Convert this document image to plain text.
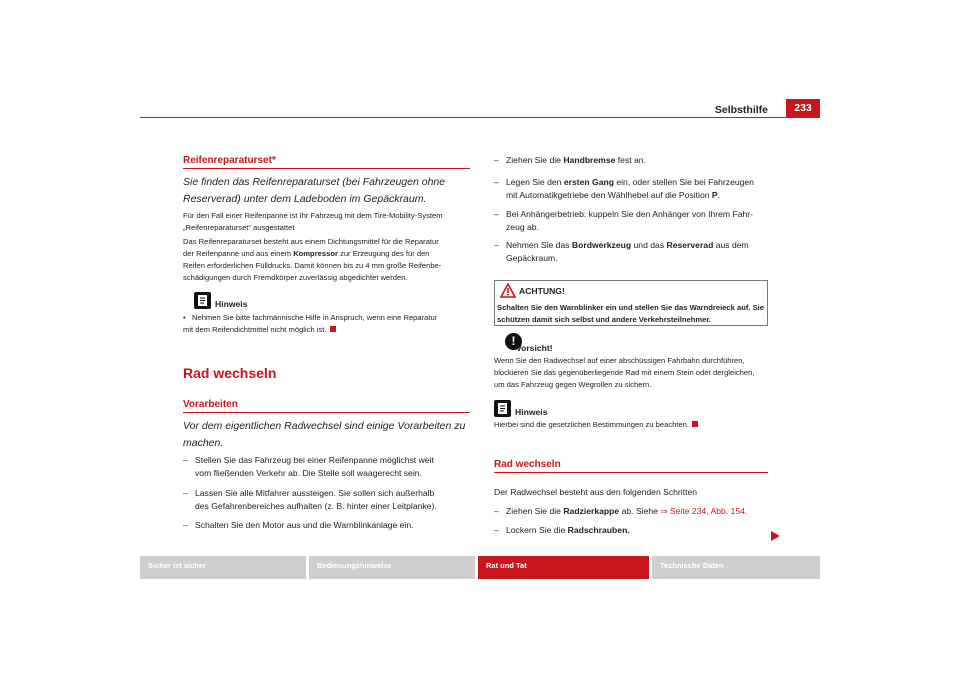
Selbsthilfe	233
Reifenreparaturset*
Sie finden das Reifenreparaturset (bei Fahrzeugen ohne
Reserverad) unter dem Ladeboden im Gepäckraum.
Für den Fall einer Reifenpanne ist Ihr Fahrzeug mit dem Tire-Mobility-System
„Reifenreparaturset“ ausgestattet
Das Reifenreparaturset besteht aus einem Dichtungsmittel für die Reparatur
der Reifenpanne und aus einem Kompressor zur Erzeugung des für den
Reifen erforderlichen Fülldrucks. Damit können bis zu 4 mm große Reifenbe-
schädigungen durch Fremdkörper zuverlässig abgedichtet werden.
Hinweis
• Nehmen Sie bitte fachmännische Hilfe in Anspruch, wenn eine Reparatur
mit dem Reifendichtmittel nicht möglich ist.
Rad wechseln
Vorarbeiten
Vor dem eigentlichen Radwechsel sind einige Vorarbeiten zu
machen.
– Stellen Sie das Fahrzeug bei einer Reifenpanne möglichst weit
vom fließenden Verkehr ab. Die Stelle soll waagerecht sein.
– Lassen Sie alle Mitfahrer aussteigen. Sie sollen sich außerhalb
des Gefahrenbereiches aufhalten (z. B. hinter einer Leitplanke).
– Schalten Sie den Motor aus und die Warnblinkanlage ein.
– Ziehen Sie die Handbremse fest an.
– Legen Sie den ersten Gang ein, oder stellen Sie bei Fahrzeugen
mit Automatikgetriebe den Wählhebel auf die Position P.
– Bei Anhängerbetrieb: kuppeln Sie den Anhänger von Ihrem Fahr-
zeug ab.
– Nehmen Sie das Bordwerkzeug und das Reserverad aus dem
Gepäckraum.
ACHTUNG!
Schalten Sie den Warnblinker ein und stellen Sie das Warndreieck auf. Sie
schützen damit sich selbst und andere Verkehrsteilnehmer.
! Vorsicht!
Wenn Sie den Radwechsel auf einer abschüssigen Fahrbahn durchführen,
blockieren Sie das gegenüberliegende Rad mit einem Stein oder dergleichen,
um das Fahrzeug gegen Wegrollen zu sichern.
Hinweis
Hierbei sind die gesetzlichen Bestimmungen zu beachten.
Rad wechseln
Der Radwechsel besteht aus den folgenden Schritten
– Ziehen Sie die Radzierkappe ab. Siehe ⇒ Seite 234, Abb. 154.
– Lockern Sie die Radschrauben.
Sicher ist sicher	Bedienungshinweise	Rat und Tat	Technische Daten
